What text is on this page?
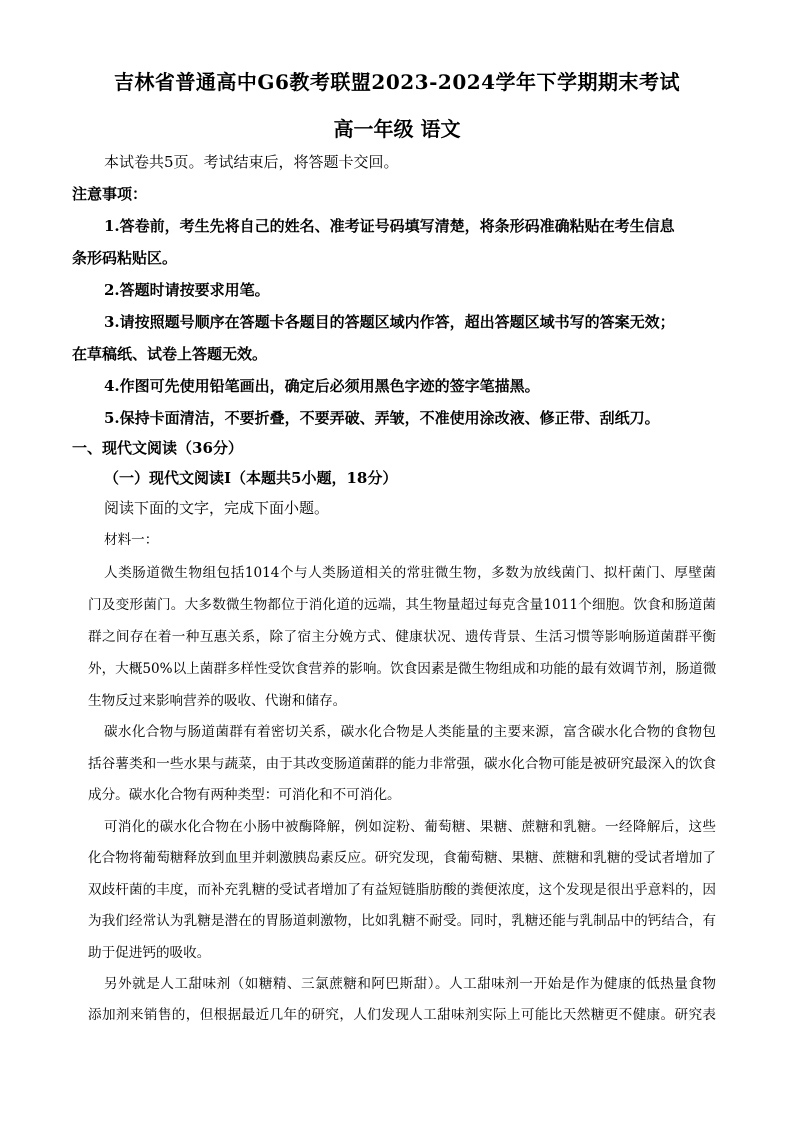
吉林省普通高中G6教考联盟2023-2024学年下学期期末考试
高一年级 语文
本试卷共5页。考试结束后，将答题卡交回。
注意事项：
1.答卷前，考生先将自己的姓名、准考证号码填写清楚，将条形码准确粘贴在考生信息
条形码粘贴区。
2.答题时请按要求用笔。
3.请按照题号顺序在答题卡各题目的答题区域内作答，超出答题区域书写的答案无效；
在草稿纸、试卷上答题无效。
4.作图可先使用铅笔画出，确定后必须用黑色字迹的签字笔描黑。
5.保持卡面清洁，不要折叠，不要弄破、弄皱，不准使用涂改液、修正带、刮纸刀。
一、现代文阅读（36分）
（一）现代文阅读Ⅰ（本题共5小题，18分）
阅读下面的文字，完成下面小题。
材料一：
人类肠道微生物组包括1014个与人类肠道相关的常驻微生物，多数为放线菌门、拟杆菌门、厚壁菌
门及变形菌门。大多数微生物都位于消化道的远端，其生物量超过每克含量1011个细胞。饮食和肠道菌
群之间存在着一种互惠关系，除了宿主分娩方式、健康状况、遗传背景、生活习惯等影响肠道菌群平衡
外，大概50%以上菌群多样性受饮食营养的影响。饮食因素是微生物组成和功能的最有效调节剂，肠道微
生物反过来影响营养的吸收、代谢和储存。
碳水化合物与肠道菌群有着密切关系，碳水化合物是人类能量的主要来源，富含碳水化合物的食物包
括谷薯类和一些水果与蔬菜，由于其改变肠道菌群的能力非常强，碳水化合物可能是被研究最深入的饮食
成分。碳水化合物有两种类型：可消化和不可消化。
可消化的碳水化合物在小肠中被酶降解，例如淀粉、葡萄糖、果糖、蔗糖和乳糖。一经降解后，这些
化合物将葡萄糖释放到血里并刺激胰岛素反应。研究发现，食葡萄糖、果糖、蔗糖和乳糖的受试者增加了
双歧杆菌的丰度，而补充乳糖的受试者增加了有益短链脂肪酸的粪便浓度，这个发现是很出乎意料的，因
为我们经常认为乳糖是潜在的胃肠道刺激物，比如乳糖不耐受。同时，乳糖还能与乳制品中的钙结合，有
助于促进钙的吸收。
另外就是人工甜味剂（如糖精、三氯蔗糖和阿巴斯甜）。人工甜味剂一开始是作为健康的低热量食物
添加剂来销售的，但根据最近几年的研究，人们发现人工甜味剂实际上可能比天然糖更不健康。研究表
